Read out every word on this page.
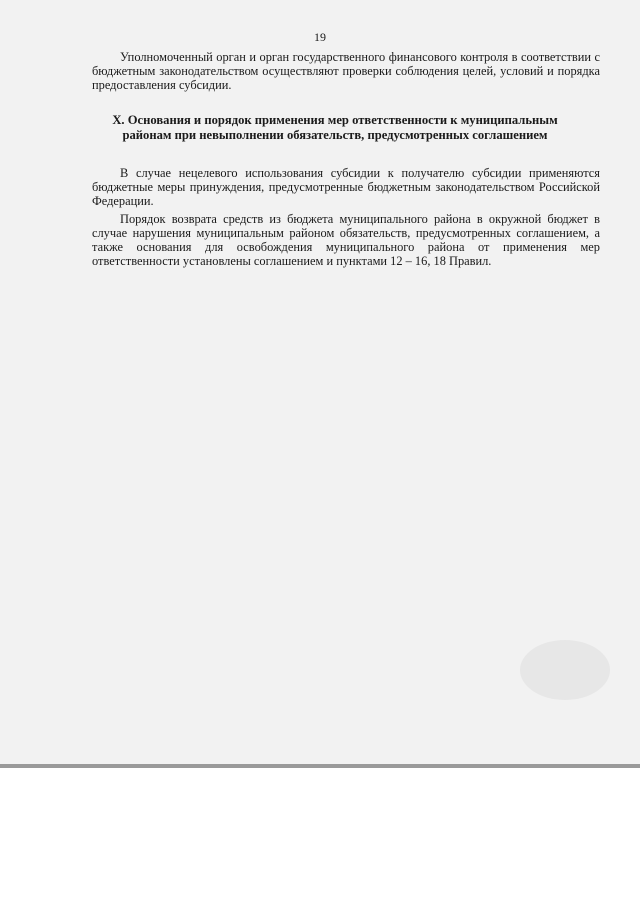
19

Уполномоченный орган и орган государственного финансового контроля в соответствии с бюджетным законодательством осуществляют проверки соблюдения целей, условий и порядка предоставления субсидии.

X. Основания и порядок применения мер ответственности к муниципальным районам при невыполнении обязательств, предусмотренных соглашением

В случае нецелевого использования субсидии к получателю субсидии применяются бюджетные меры принуждения, предусмотренные бюджетным законодательством Российской Федерации.

Порядок возврата средств из бюджета муниципального района в окружной бюджет в случае нарушения муниципальным районом обязательств, предусмотренных соглашением, а также основания для освобождения муниципального района от применения мер ответственности установлены соглашением и пунктами 12 – 16, 18 Правил.
